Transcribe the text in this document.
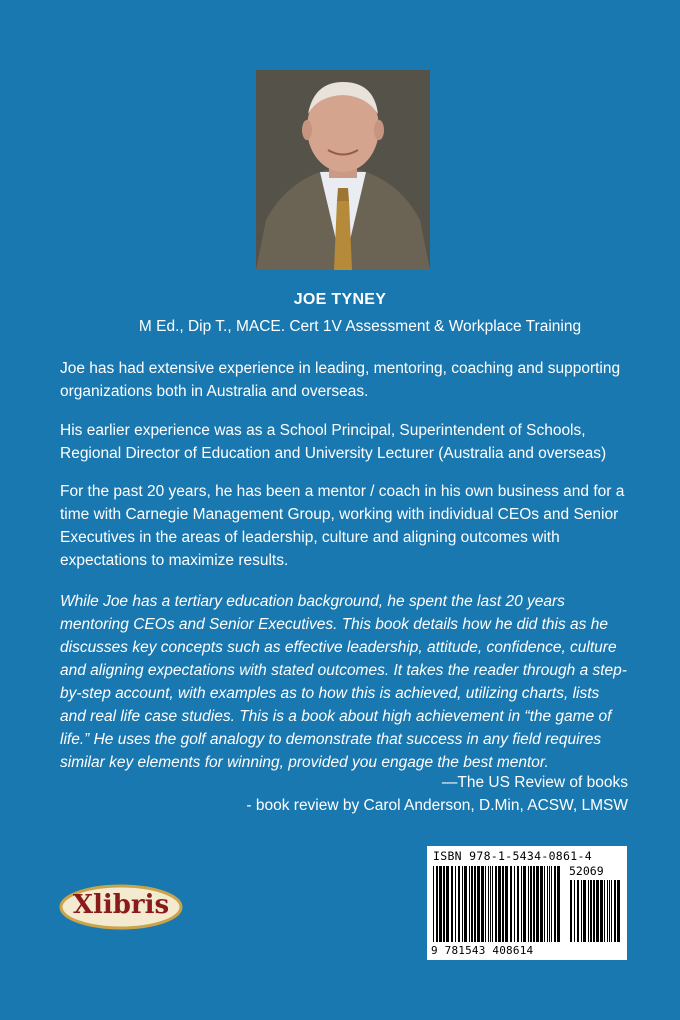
JOE TYNEY
M Ed., Dip T., MACE. Cert 1V Assessment & Workplace Training
Joe has had extensive experience in leading, mentoring, coaching and supporting organizations both in Australia and overseas.
His earlier experience was as a School Principal, Superintendent of Schools, Regional Director of Education and University Lecturer (Australia and overseas)
For the past 20 years, he has been a mentor / coach in his own business and for a time with Carnegie Management Group, working with individual CEOs and Senior Executives in the areas of leadership, culture and aligning outcomes with expectations to maximize results.
While Joe has a tertiary education background, he spent the last 20 years mentoring CEOs and Senior Executives. This book details how he did this as he discusses key concepts such as effective leadership, attitude, confidence, culture and aligning expectations with stated outcomes. It takes the reader through a step-by-step account, with examples as to how this is achieved, utilizing charts, lists and real life case studies. This is a book about high achievement in “the game of life.” He uses the golf analogy to demonstrate that success in any field requires similar key elements for winning, provided you engage the best mentor.
—The US Review of books
- book review by Carol Anderson, D.Min, ACSW, LMSW
Xlibris
ISBN 978-1-5434-0861-4
52069
9 781543 408614
